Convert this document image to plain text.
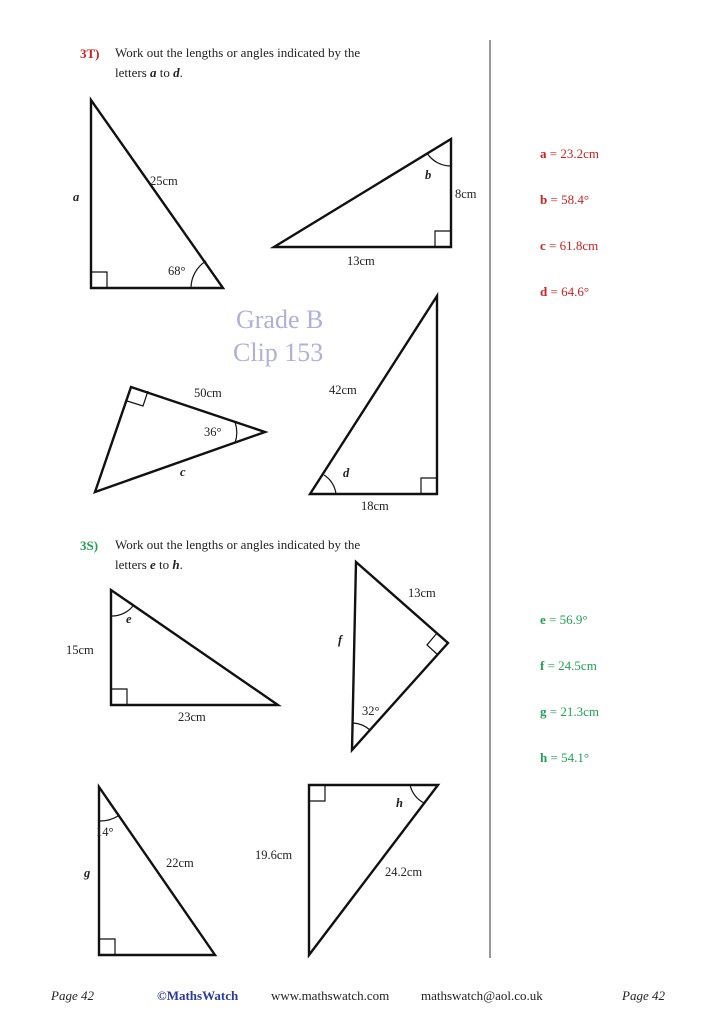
3T) Work out the lengths or angles indicated by the
letters a to d.
25cm
a
68°
b
8cm
13cm
50cm
36°
c
42cm
d
18cm
Grade B
Clip 153
a = 23.2cm
b = 58.4°
c = 61.8cm
d = 64.6°
3S) Work out the lengths or angles indicated by the
letters e to h.
e
15cm
23cm
13cm
f
32°
14°
22cm
g
h
19.6cm
24.2cm
e = 56.9°
f = 24.5cm
g = 21.3cm
h = 54.1°
Page 42	©MathsWatch	www.mathswatch.com mathswatch@aol.co.uk	Page 42
